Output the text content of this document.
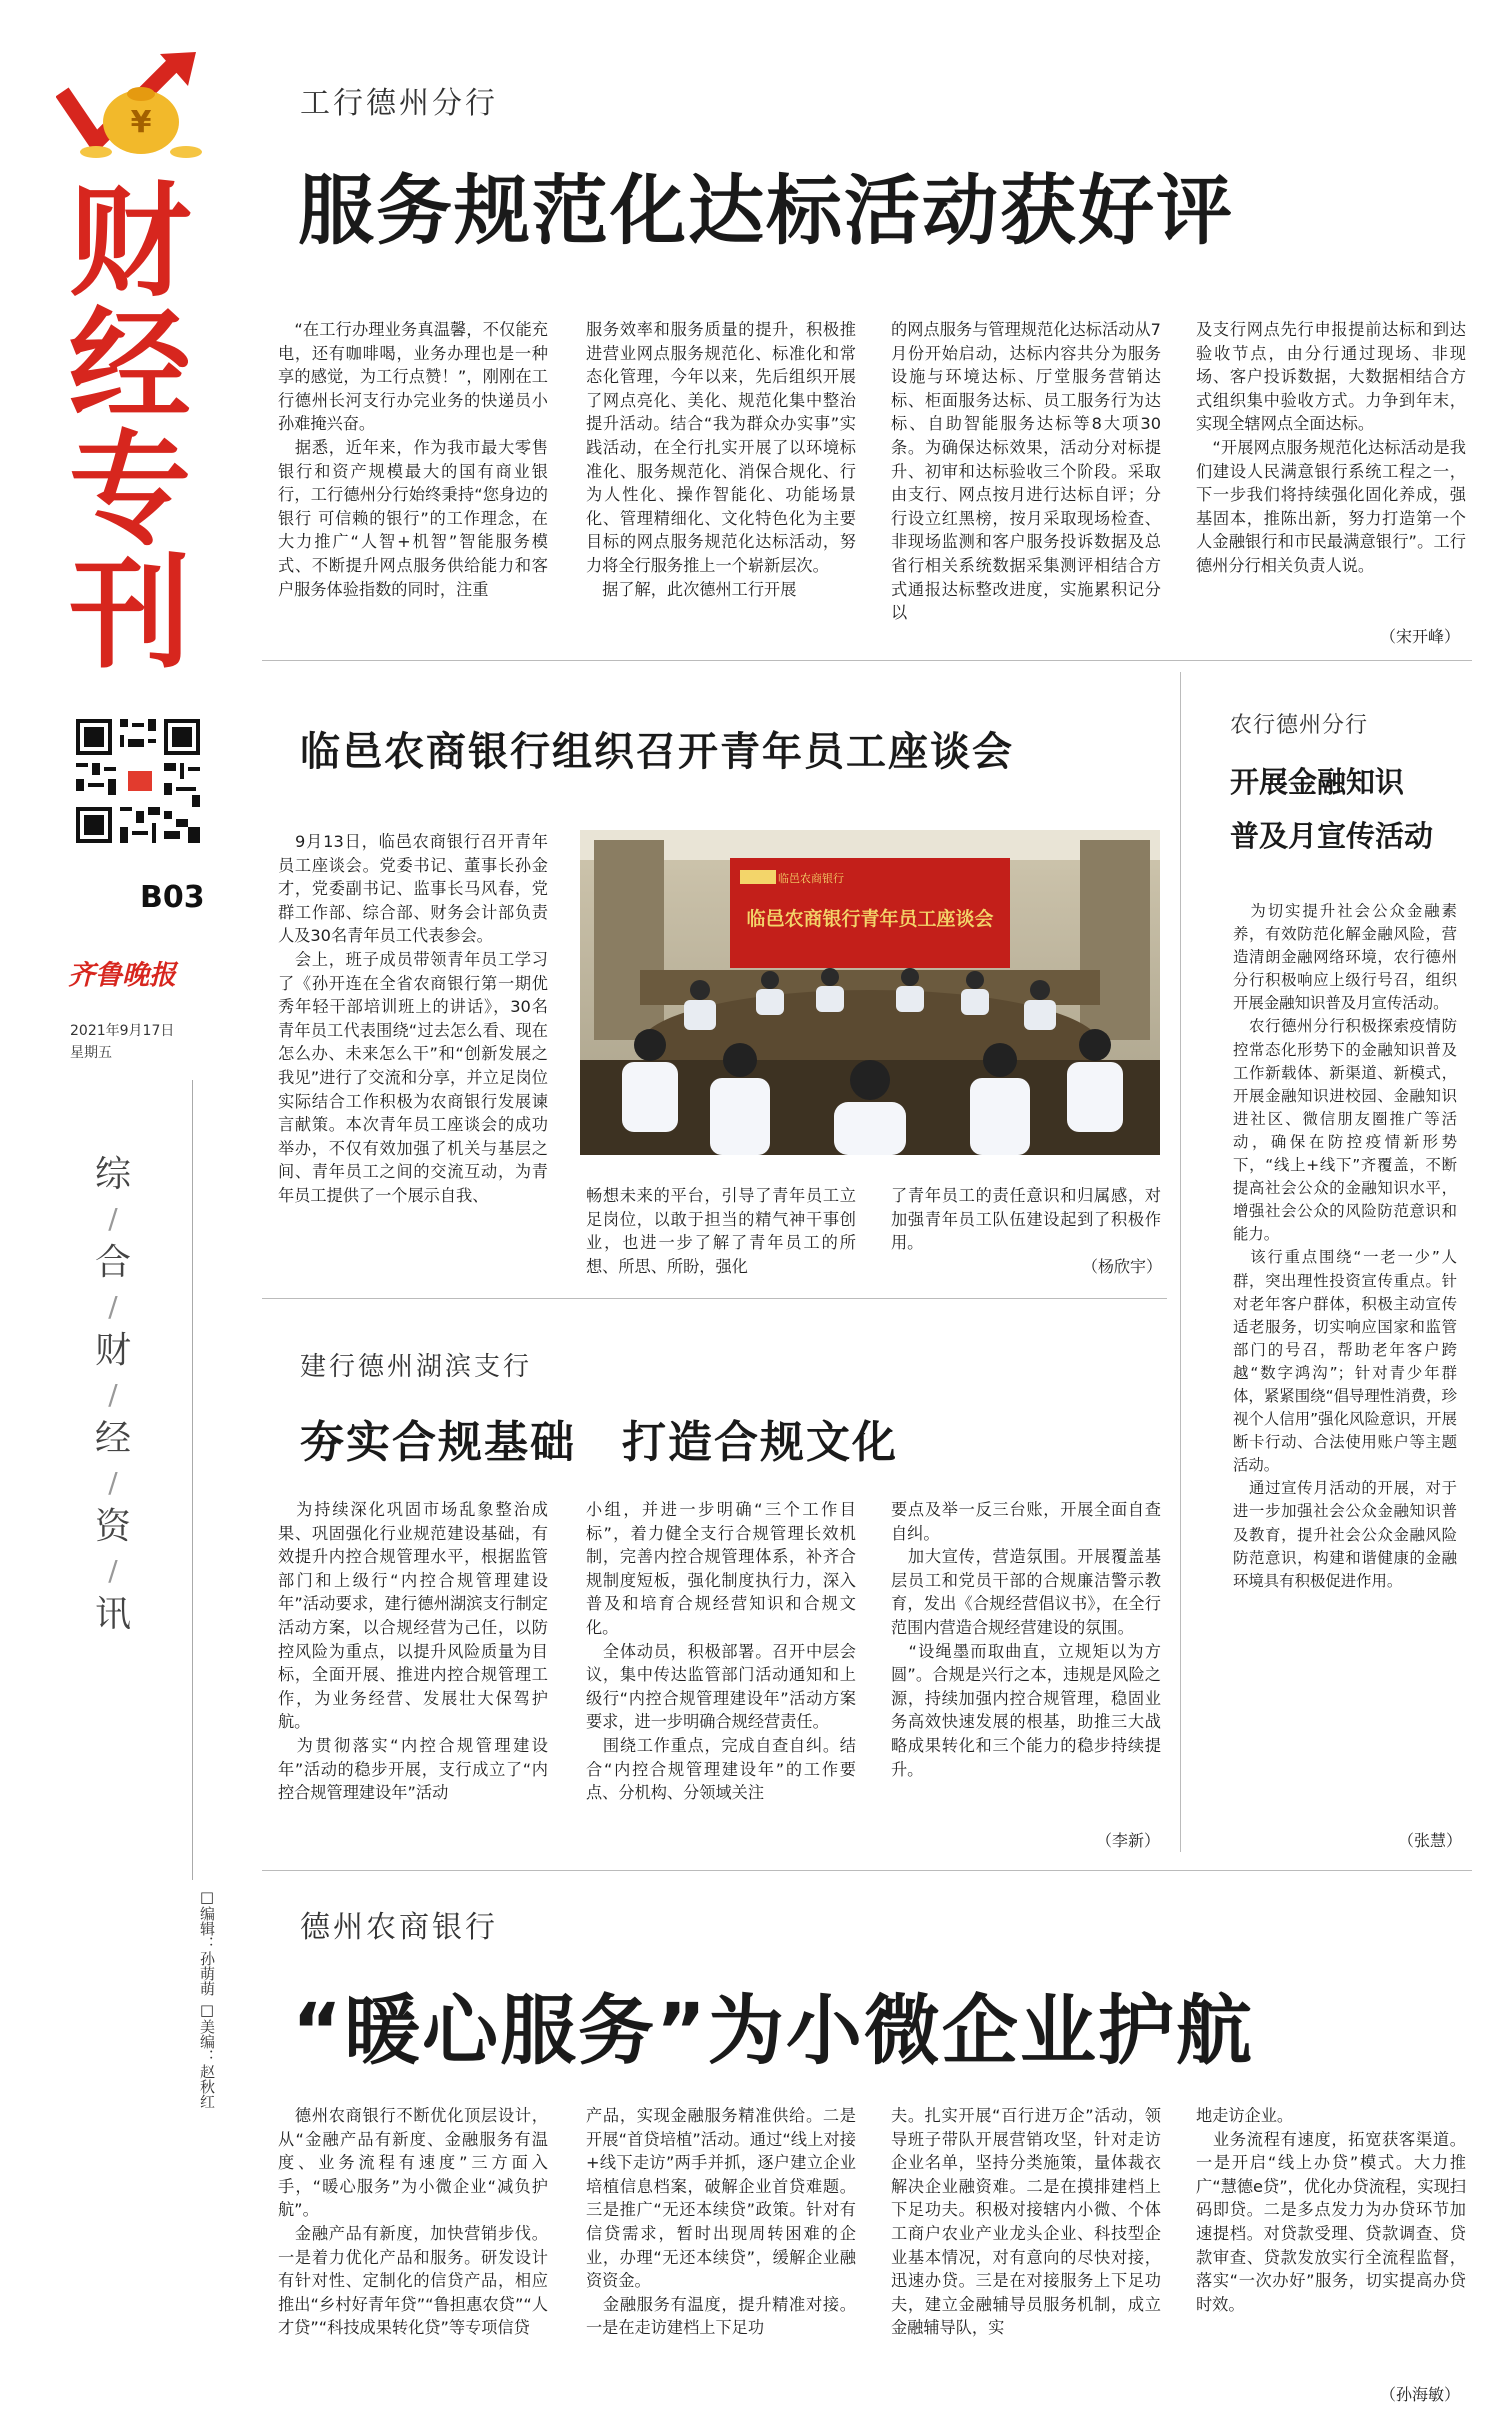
¥
财
经
专
刊
B03
齐鲁晚报
2021年9月17日
星期五
综
/
合
/
财
/
经
/
资
/
讯
□编辑：孙萌萌 □美编：赵秋红
工行德州分行
服务规范化达标活动获好评
　“在工行办理业务真温馨，不仅能充电，还有咖啡喝，业务办理也是一种享的感觉，为工行点赞！”，刚刚在工行德州长河支行办完业务的快递员小孙难掩兴奋。
　据悉，近年来，作为我市最大零售银行和资产规模最大的国有商业银行，工行德州分行始终秉持“您身边的银行 可信赖的银行”的工作理念，在大力推广“人智+机智”智能服务模式、不断提升网点服务供给能力和客户服务体验指数的同时，注重
服务效率和服务质量的提升，积极推进营业网点服务规范化、标准化和常态化管理，今年以来，先后组织开展了网点亮化、美化、规范化集中整治提升活动。结合“我为群众办实事”实践活动，在全行扎实开展了以环境标准化、服务规范化、消保合规化、行为人性化、操作智能化、功能场景化、管理精细化、文化特色化为主要目标的网点服务规范化达标活动，努力将全行服务推上一个崭新层次。
　据了解，此次德州工行开展
的网点服务与管理规范化达标活动从7月份开始启动，达标内容共分为服务设施与环境达标、厅堂服务营销达标、柜面服务达标、员工服务行为达标、自助智能服务达标等8大项30条。为确保达标效果，活动分对标提升、初审和达标验收三个阶段。采取由支行、网点按月进行达标自评；分行设立红黑榜，按月采取现场检查、非现场监测和客户服务投诉数据及总省行相关系统数据采集测评相结合方式通报达标整改进度，实施累积记分以
及支行网点先行申报提前达标和到达验收节点，由分行通过现场、非现场、客户投诉数据，大数据相结合方式组织集中验收方式。力争到年末，实现全辖网点全面达标。
　“开展网点服务规范化达标活动是我们建设人民满意银行系统工程之一，下一步我们将持续强化固化养成，强基固本，推陈出新，努力打造第一个人金融银行和市民最满意银行”。工行德州分行相关负责人说。
（宋开峰）
临邑农商银行组织召开青年员工座谈会
　9月13日，临邑农商银行召开青年员工座谈会。党委书记、董事长孙金才，党委副书记、监事长马风春，党群工作部、综合部、财务会计部负责人及30名青年员工代表参会。
　会上，班子成员带领青年员工学习了《孙开连在全省农商银行第一期优秀年轻干部培训班上的讲话》，30名青年员工代表围绕“过去怎么看、现在怎么办、未来怎么干”和“创新发展之我见”进行了交流和分享，并立足岗位实际结合工作积极为农商银行发展谏言献策。本次青年员工座谈会的成功举办，不仅有效加强了机关与基层之间、青年员工之间的交流互动，为青年员工提供了一个展示自我、
临邑农商银行
临邑农商银行青年员工座谈会
畅想未来的平台，引导了青年员工立足岗位，以敢于担当的精气神干事创业，也进一步了解了青年员工的所想、所思、所盼，强化
了青年员工的责任意识和归属感，对加强青年员工队伍建设起到了积极作用。
（杨欣宇）
农行德州分行
开展金融知识
普及月宣传活动
　为切实提升社会公众金融素养，有效防范化解金融风险，营造清朗金融网络环境，农行德州分行积极响应上级行号召，组织开展金融知识普及月宣传活动。
　农行德州分行积极探索疫情防控常态化形势下的金融知识普及工作新载体、新渠道、新模式，开展金融知识进校园、金融知识进社区、微信朋友圈推广等活动，确保在防控疫情新形势下，“线上+线下”齐覆盖，不断提高社会公众的金融知识水平，增强社会公众的风险防范意识和能力。
　该行重点围绕“一老一少”人群，突出理性投资宣传重点。针对老年客户群体，积极主动宣传适老服务，切实响应国家和监管部门的号召，帮助老年客户跨越“数字鸿沟”；针对青少年群体，紧紧围绕“倡导理性消费，珍视个人信用”强化风险意识，开展断卡行动、合法使用账户等主题活动。
　通过宣传月活动的开展，对于进一步加强社会公众金融知识普及教育，提升社会公众金融风险防范意识，构建和谐健康的金融环境具有积极促进作用。
（张慧）
建行德州湖滨支行
夯实合规基础　打造合规文化
　为持续深化巩固市场乱象整治成果、巩固强化行业规范建设基础，有效提升内控合规管理水平，根据监管部门和上级行“内控合规管理建设年”活动要求，建行德州湖滨支行制定活动方案，以合规经营为己任，以防控风险为重点，以提升风险质量为目标，全面开展、推进内控合规管理工作，为业务经营、发展壮大保驾护航。
　为贯彻落实“内控合规管理建设年”活动的稳步开展，支行成立了“内控合规管理建设年”活动
小组，并进一步明确“三个工作目标”，着力健全支行合规管理长效机制，完善内控合规管理体系，补齐合规制度短板，强化制度执行力，深入普及和培育合规经营知识和合规文化。
　全体动员，积极部署。召开中层会议，集中传达监管部门活动通知和上级行“内控合规管理建设年”活动方案要求，进一步明确合规经营责任。
　围绕工作重点，完成自查自纠。结合“内控合规管理建设年”的工作要点、分机构、分领域关注
要点及举一反三台账，开展全面自查自纠。
　加大宣传，营造氛围。开展覆盖基层员工和党员干部的合规廉洁警示教育，发出《合规经营倡议书》，在全行范围内营造合规经营建设的氛围。
　“设绳墨而取曲直，立规矩以为方圆”。合规是兴行之本，违规是风险之源，持续加强内控合规管理，稳固业务高效快速发展的根基，助推三大战略成果转化和三个能力的稳步持续提升。
（李新）
德州农商银行
“暖心服务”为小微企业护航
　德州农商银行不断优化顶层设计，从“金融产品有新度、金融服务有温度、业务流程有速度”三方面入手，“暖心服务”为小微企业“减负护航”。
　金融产品有新度，加快营销步伐。一是着力优化产品和服务。研发设计有针对性、定制化的信贷产品，相应推出“乡村好青年贷”“鲁担惠农贷”“人才贷”“科技成果转化贷”等专项信贷
产品，实现金融服务精准供给。二是开展“首贷培植”活动。通过“线上对接+线下走访”两手并抓，逐户建立企业培植信息档案，破解企业首贷难题。三是推广“无还本续贷”政策。针对有信贷需求，暂时出现周转困难的企业，办理“无还本续贷”，缓解企业融资资金。
　金融服务有温度，提升精准对接。一是在走访建档上下足功
夫。扎实开展“百行进万企”活动，领导班子带队开展营销攻坚，针对走访企业名单，坚持分类施策，量体裁衣解决企业融资难。二是在摸排建档上下足功夫。积极对接辖内小微、个体工商户农业产业龙头企业、科技型企业基本情况，对有意向的尽快对接，迅速办贷。三是在对接服务上下足功夫，建立金融辅导员服务机制，成立金融辅导队，实
地走访企业。
　业务流程有速度，拓宽获客渠道。一是开启“线上办贷”模式。大力推广“慧德e贷”，优化办贷流程，实现扫码即贷。二是多点发力为办贷环节加速提档。对贷款受理、贷款调查、贷款审查、贷款发放实行全流程监督，落实“一次办好”服务，切实提高办贷时效。
（孙海敏）
